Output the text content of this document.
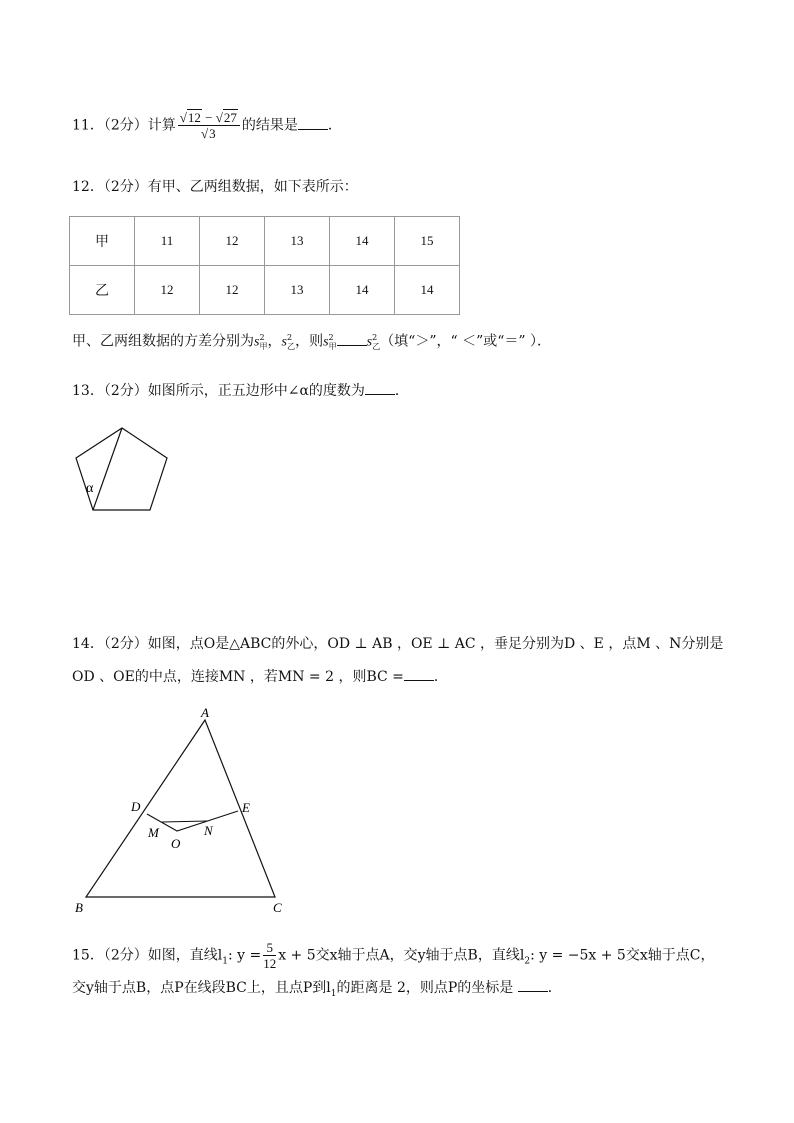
11．（2分）计算 $\frac{√12 - √27}{√3}$ 的结果是 ．
12．（2分）有甲、乙两组数据，如下表所示：
甲	11	12	13	14	15
乙	12	12	13	14	14
甲、乙两组数据的方差分别为$s^2_甲$，$s^2_乙$，则$s^2_甲$ $s^2_乙$（填“＞”，“ ＜”或“＝” ）．
13．（2分）如图所示，正五边形中∠α的度数为 ．
α
14．（2分）如图，点O是△ABC的外心，OD ⊥ AB ，OE ⊥ AC ，垂足分别为D 、E ，点M 、N分别是
OD 、OE的中点，连接MN ，若MN = 2 ，则BC = ．
A
B	C
D	E
M	N
O
15．（2分）如图，直线$l_1$: $y = \frac{5}{12}$ x + 5交x轴于点A，交y轴于点B，直线$l_2$: y = −5x + 5交x轴于点C，
交y轴于点B，点P在线段BC上，且点P到$l_1$的距离是 2，则点P的坐标是 ．
